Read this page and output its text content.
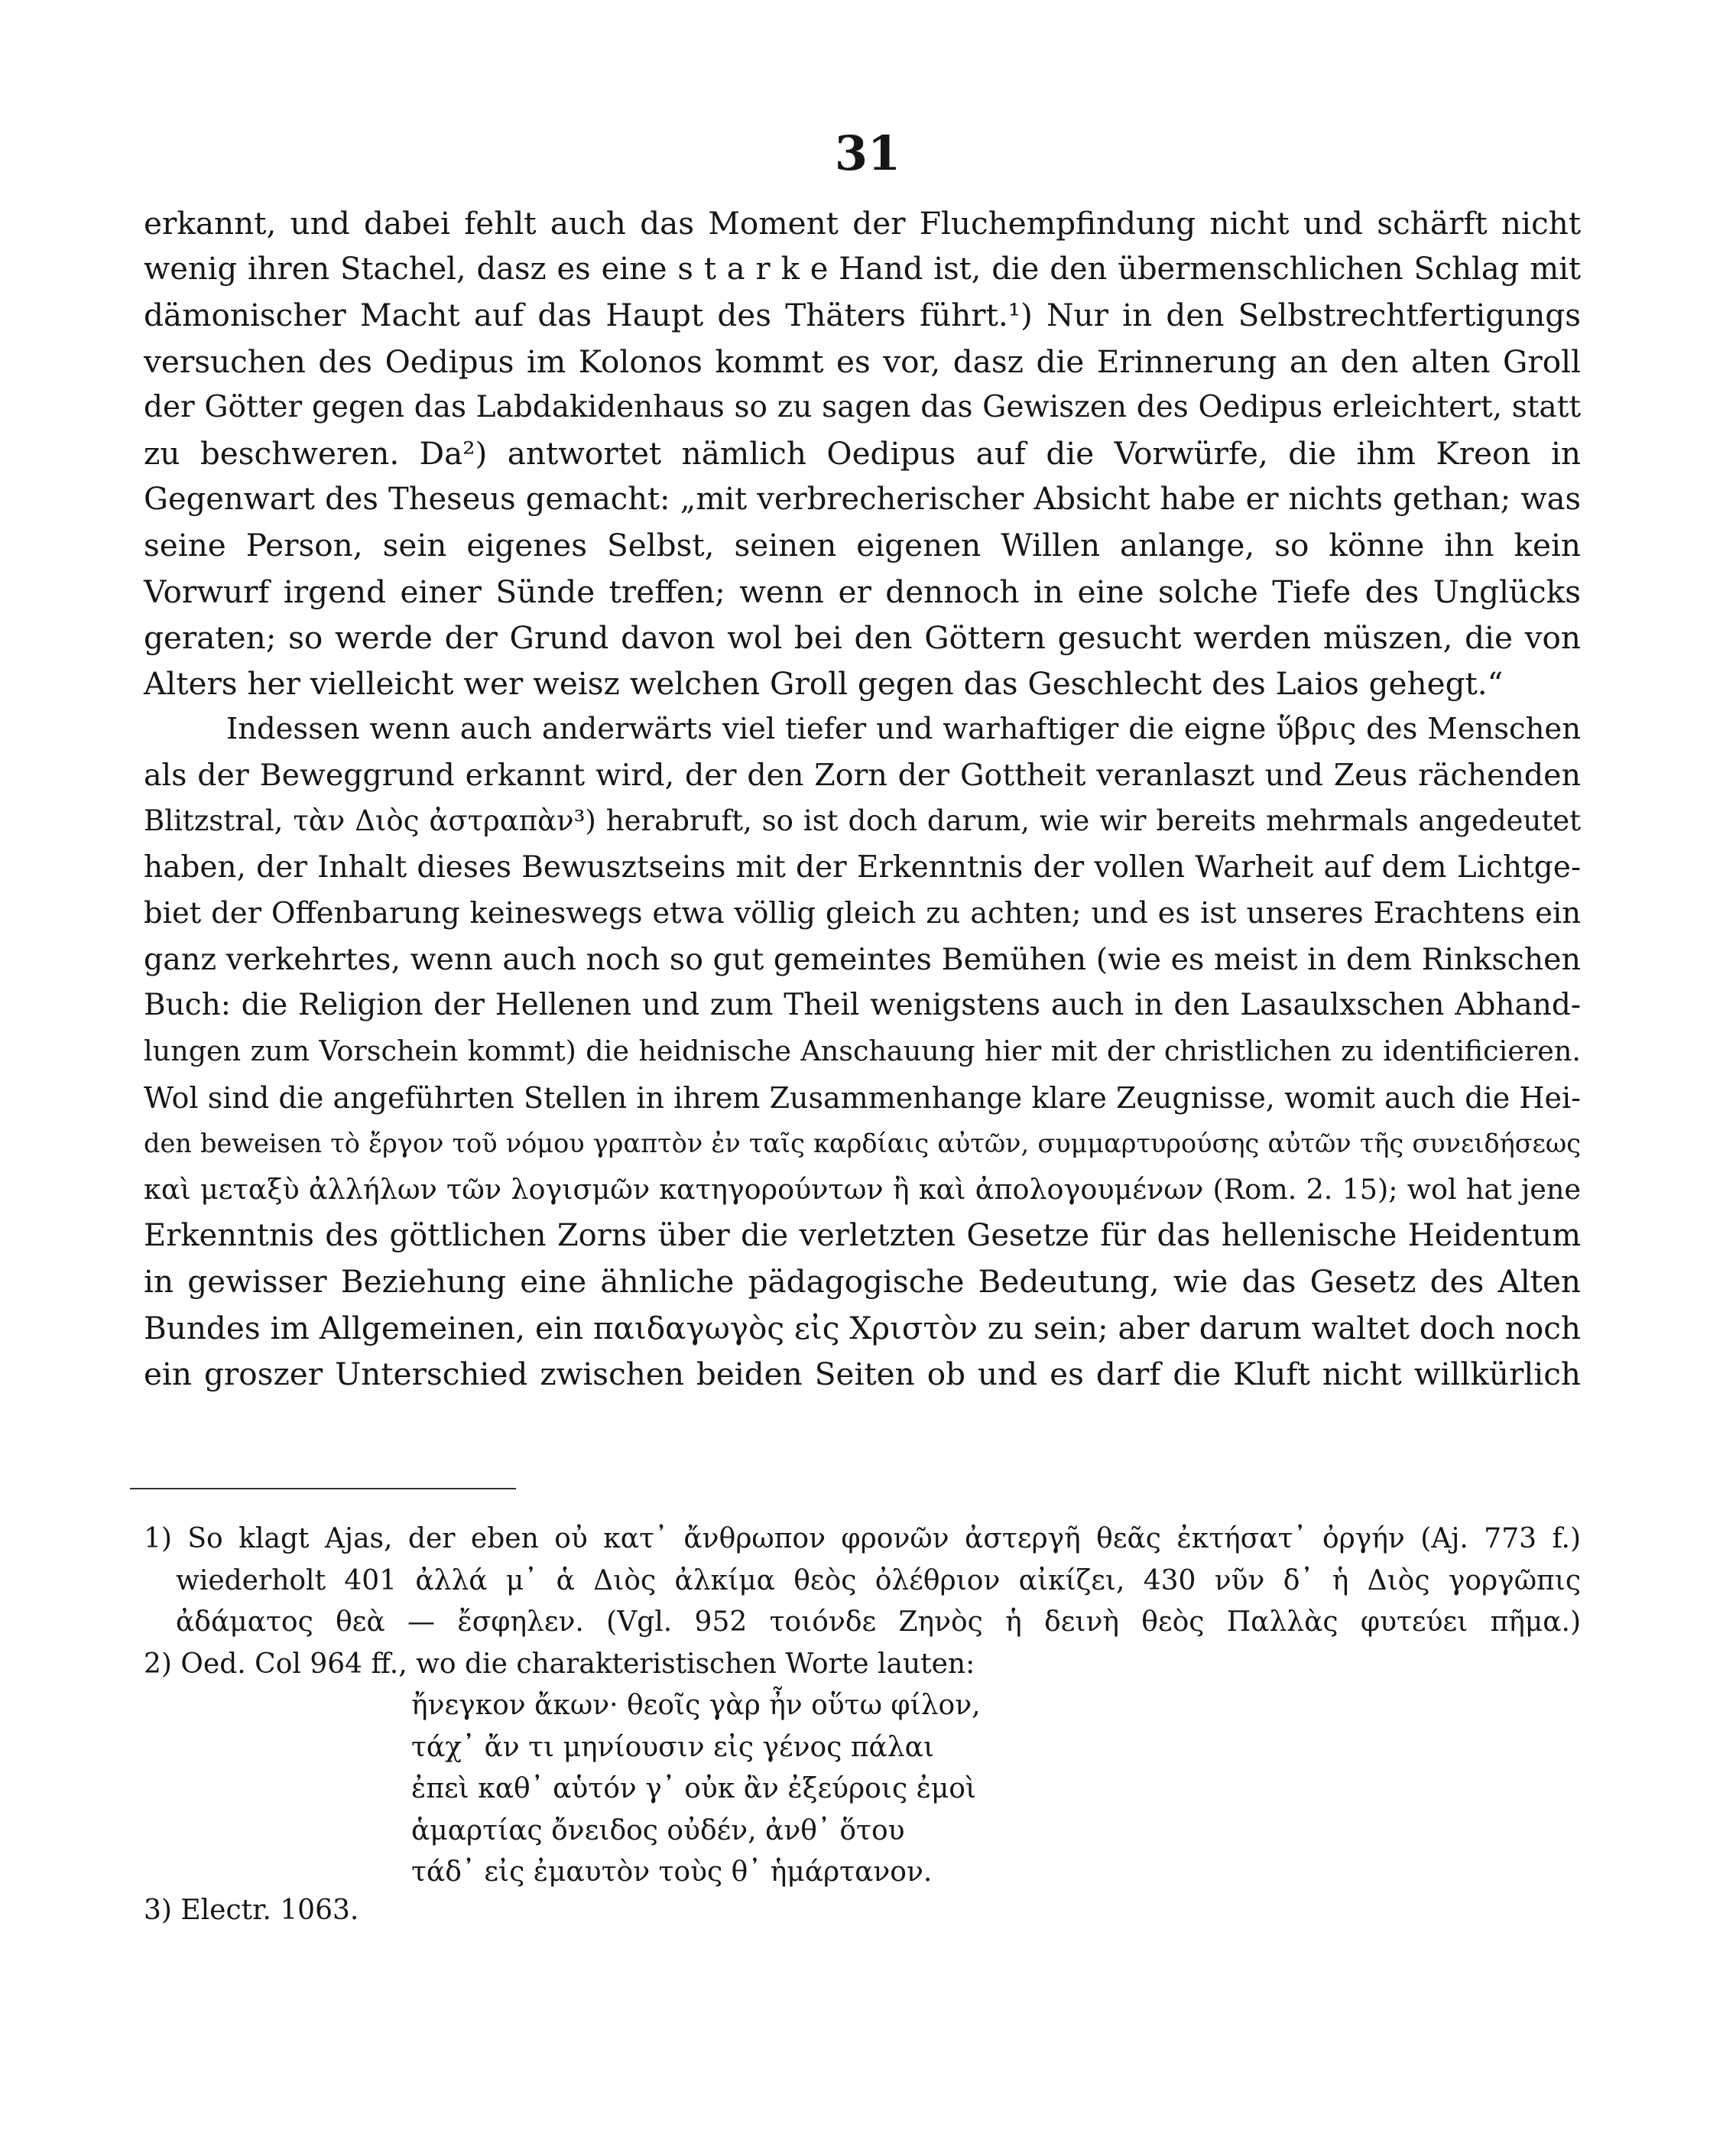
31
erkannt, und dabei fehlt auch das Moment der Fluchempfindung nicht und schärft nicht
wenig ihren Stachel, dasz es eine s t a r k e Hand ist, die den übermenschlichen Schlag mit
dämonischer Macht auf das Haupt des Thäters führt.¹) Nur in den Selbstrechtfertigungs
versuchen des Oedipus im Kolonos kommt es vor, dasz die Erinnerung an den alten Groll
der Götter gegen das Labdakidenhaus so zu sagen das Gewiszen des Oedipus erleichtert, statt
zu beschweren. Da²) antwortet nämlich Oedipus auf die Vorwürfe, die ihm Kreon in
Gegenwart des Theseus gemacht: „mit verbrecherischer Absicht habe er nichts gethan; was
seine Person, sein eigenes Selbst, seinen eigenen Willen anlange, so könne ihn kein
Vorwurf irgend einer Sünde treffen; wenn er dennoch in eine solche Tiefe des Unglücks
geraten; so werde der Grund davon wol bei den Göttern gesucht werden müszen, die von
Alters her vielleicht wer weisz welchen Groll gegen das Geschlecht des Laios gehegt.“
Indessen wenn auch anderwärts viel tiefer und warhaftiger die eigne ὕβρις des Menschen
als der Beweggrund erkannt wird, der den Zorn der Gottheit veranlaszt und Zeus rächenden
Blitzstral, τὰν Διὸς ἀστραπὰν³) herabruft, so ist doch darum, wie wir bereits mehrmals angedeutet
haben, der Inhalt dieses Bewusztseins mit der Erkenntnis der vollen Warheit auf dem Lichtge-
biet der Offenbarung keineswegs etwa völlig gleich zu achten; und es ist unseres Erachtens ein
ganz verkehrtes, wenn auch noch so gut gemeintes Bemühen (wie es meist in dem Rinkschen
Buch: die Religion der Hellenen und zum Theil wenigstens auch in den Lasaulxschen Abhand-
lungen zum Vorschein kommt) die heidnische Anschauung hier mit der christlichen zu identificieren.
Wol sind die angeführten Stellen in ihrem Zusammenhange klare Zeugnisse, womit auch die Hei-
den beweisen τὸ ἔργον τοῦ νόμου γραπτὸν ἐν ταῖς καρδίαις αὐτῶν, συμμαρτυρούσης αὐτῶν τῆς συνειδήσεως
καὶ μεταξὺ ἀλλήλων τῶν λογισμῶν κατηγορούντων ἢ καὶ ἀπολογουμένων (Rom. 2. 15); wol hat jene
Erkenntnis des göttlichen Zorns über die verletzten Gesetze für das hellenische Heidentum
in gewisser Beziehung eine ähnliche pädagogische Bedeutung, wie das Gesetz des Alten
Bundes im Allgemeinen, ein παιδαγωγὸς εἰς Χριστὸν zu sein; aber darum waltet doch noch
ein groszer Unterschied zwischen beiden Seiten ob und es darf die Kluft nicht willkürlich
1) So klagt Ajas, der eben οὐ κατ᾽ ἄνθρωπον φρονῶν ἀστεργῆ θεᾶς ἐκτήσατ᾽ ὀργήν (Aj. 773 f.)
wiederholt 401 ἀλλά μ᾽ ἁ Διὸς ἀλκίμα θεὸς ὀλέθριον αἰκίζει, 430 νῦν δ᾽ ἡ Διὸς γοργῶπις
ἀδάματος θεὰ — ἔσφηλεν. (Vgl. 952 τοιόνδε Ζηνὸς ἡ δεινὴ θεὸς Παλλὰς φυτεύει πῆμα.)
2) Oed. Col 964 ff., wo die charakteristischen Worte lauten:
ἤνεγκον ἄκων· θεοῖς γὰρ ἦν οὕτω φίλον,
τάχ᾽ ἄν τι μηνίουσιν εἰς γένος πάλαι
ἐπεὶ καθ᾽ αὑτόν γ᾽ οὐκ ἂν ἐξεύροις ἐμοὶ
ἁμαρτίας ὄνειδος οὐδέν, ἀνθ᾽ ὅτου
τάδ᾽ εἰς ἐμαυτὸν τοὺς θ᾽ ἡμάρτανον.
3) Electr. 1063.
